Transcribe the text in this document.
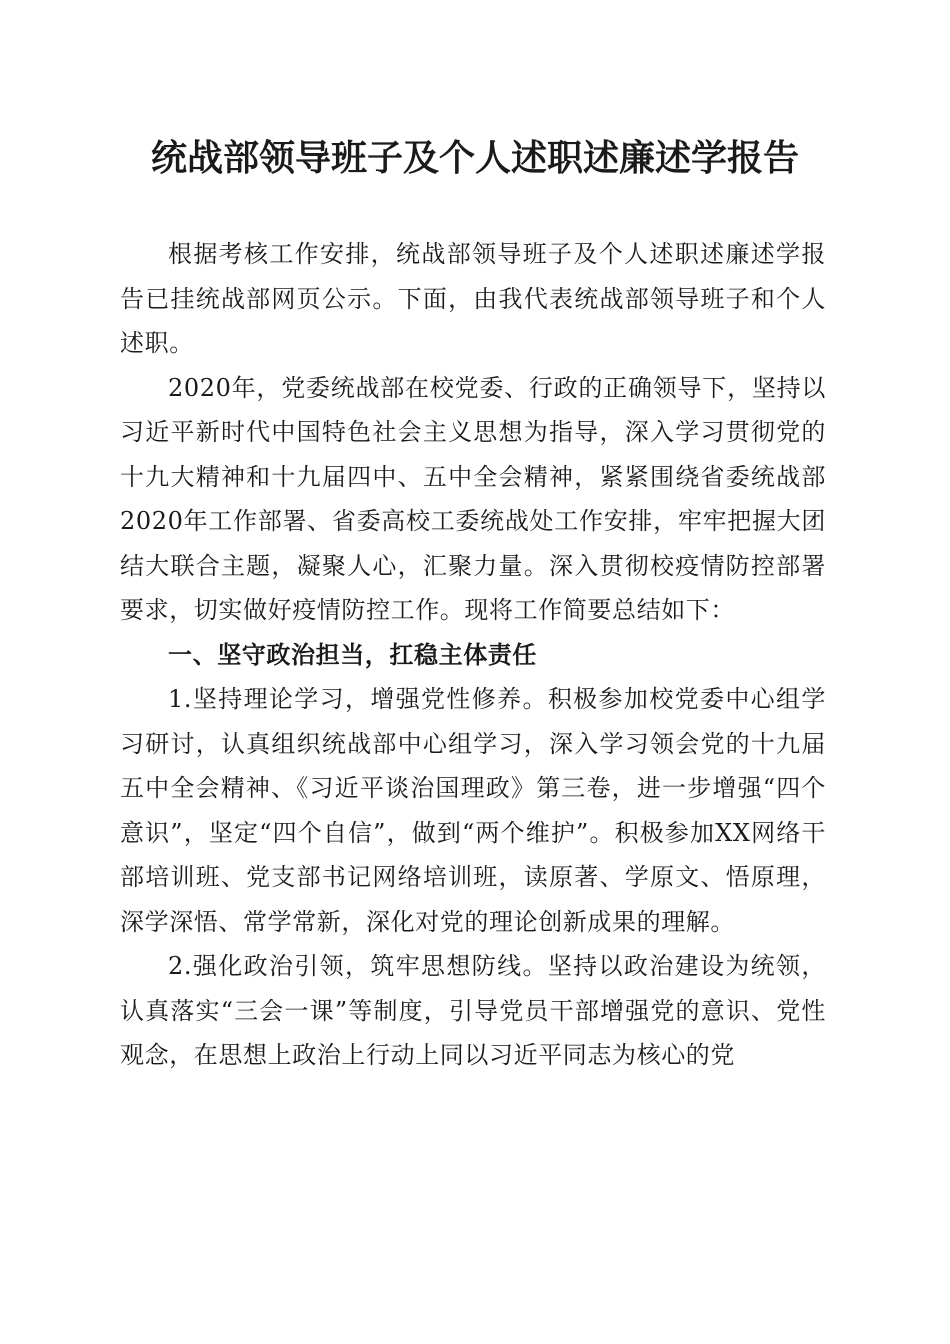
统战部领导班子及个人述职述廉述学报告

根据考核工作安排，统战部领导班子及个人述职述廉述学报告已挂统战部网页公示。下面，由我代表统战部领导班子和个人述职。

2020年，党委统战部在校党委、行政的正确领导下，坚持以习近平新时代中国特色社会主义思想为指导，深入学习贯彻党的十九大精神和十九届四中、五中全会精神，紧紧围绕省委统战部2020年工作部署、省委高校工委统战处工作安排，牢牢把握大团结大联合主题，凝聚人心，汇聚力量。深入贯彻校疫情防控部署要求，切实做好疫情防控工作。现将工作简要总结如下：

一、坚守政治担当，扛稳主体责任

1.坚持理论学习，增强党性修养。积极参加校党委中心组学习研讨，认真组织统战部中心组学习，深入学习领会党的十九届五中全会精神、《习近平谈治国理政》第三卷，进一步增强“四个意识”，坚定“四个自信”，做到“两个维护”。积极参加XX网络干部培训班、党支部书记网络培训班，读原著、学原文、悟原理，深学深悟、常学常新，深化对党的理论创新成果的理解。

2.强化政治引领，筑牢思想防线。坚持以政治建设为统领，认真落实“三会一课”等制度，引导党员干部增强党的意识、党性观念，在思想上政治上行动上同以习近平同志为核心的党
